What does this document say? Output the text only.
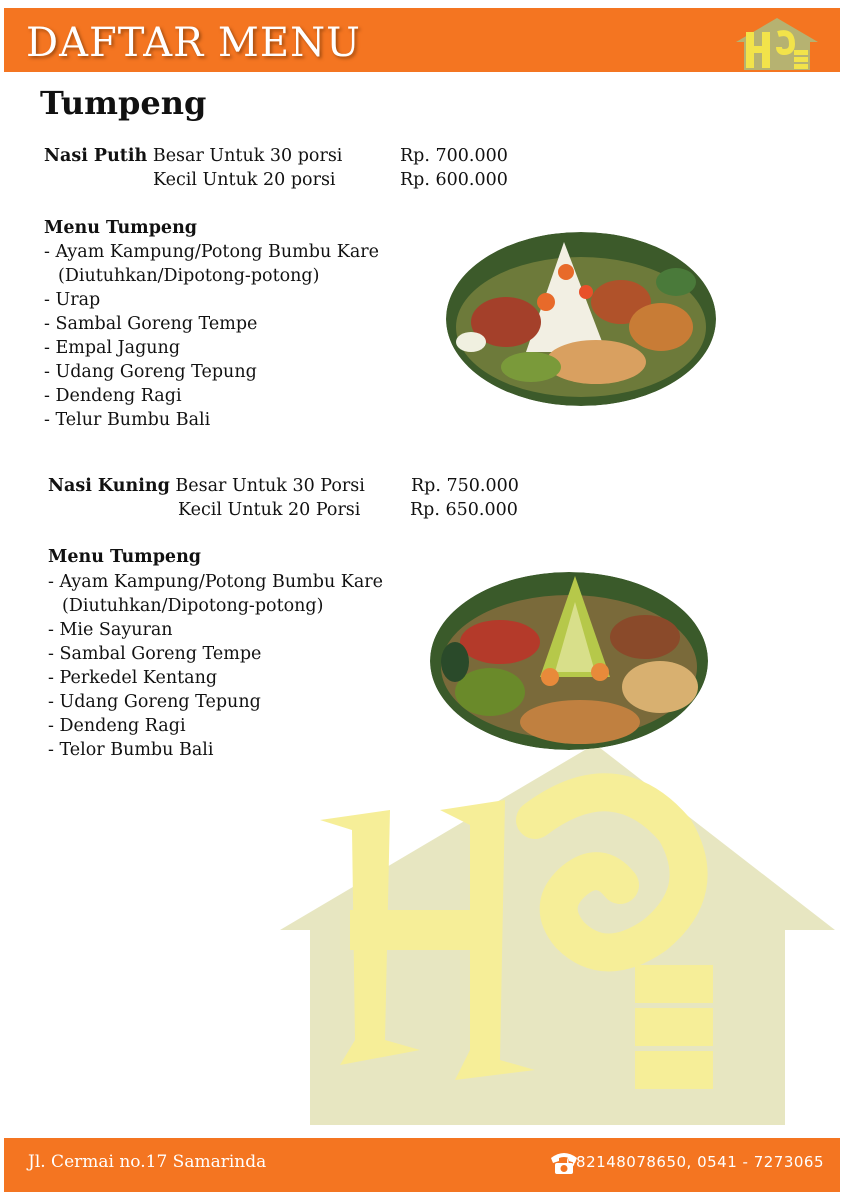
DAFTAR MENU
Tumpeng
Nasi Putih Besar Untuk 30 porsi	Rp. 700.000
Kecil Untuk 20 porsi	Rp. 600.000
Menu Tumpeng
- Ayam Kampung/Potong Bumbu Kare
(Diutuhkan/Dipotong-potong)
- Urap
- Sambal Goreng Tempe
- Empal Jagung
- Udang Goreng Tepung
- Dendeng Ragi
- Telur Bumbu Bali
Nasi Kuning Besar Untuk 30 Porsi	Rp. 750.000
Kecil Untuk 20 Porsi	Rp. 650.000
Menu Tumpeng
- Ayam Kampung/Potong Bumbu Kare
(Diutuhkan/Dipotong-potong)
- Mie Sayuran
- Sambal Goreng Tempe
- Perkedel Kentang
- Udang Goreng Tepung
- Dendeng Ragi
- Telor Bumbu Bali
Jl. Cermai no.17 Samarinda	082148078650, 0541 - 7273065
